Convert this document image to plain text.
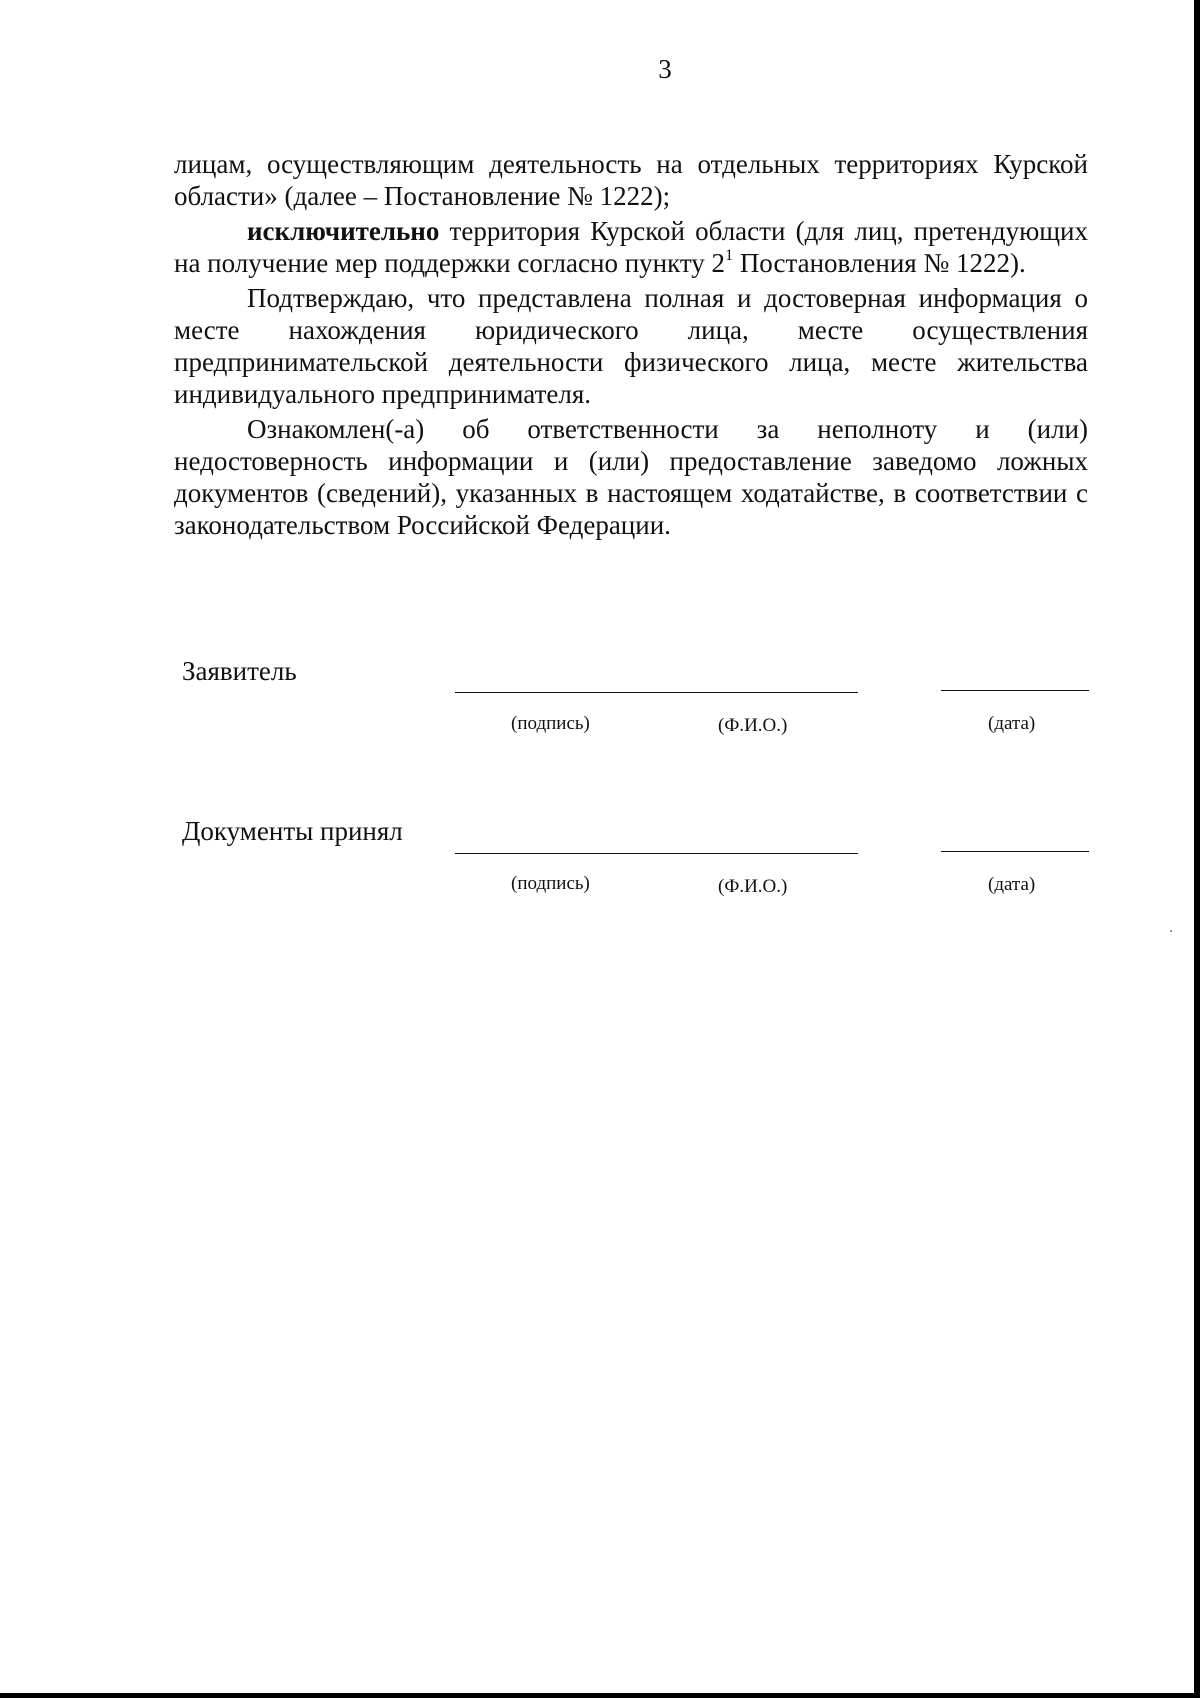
3

лицам, осуществляющим деятельность на отдельных территориях Курской области» (далее – Постановление № 1222);

исключительно территория Курской области (для лиц, претендующих на получение мер поддержки согласно пункту $2^1$ Постановления № 1222).

Подтверждаю, что представлена полная и достоверная информация о месте нахождения юридического лица, месте осуществления предпринимательской деятельности физического лица, месте жительства индивидуального предпринимателя.

Ознакомлен(-а) об ответственности за неполноту и (или) недостоверность информации и (или) предоставление заведомо ложных документов (сведений), указанных в настоящем ходатайстве, в соответствии с законодательством Российской Федерации.

Заявитель
(подпись)	(Ф.И.О.)	(дата)
Документы принял
(подпись)	(Ф.И.О.)	(дата)
